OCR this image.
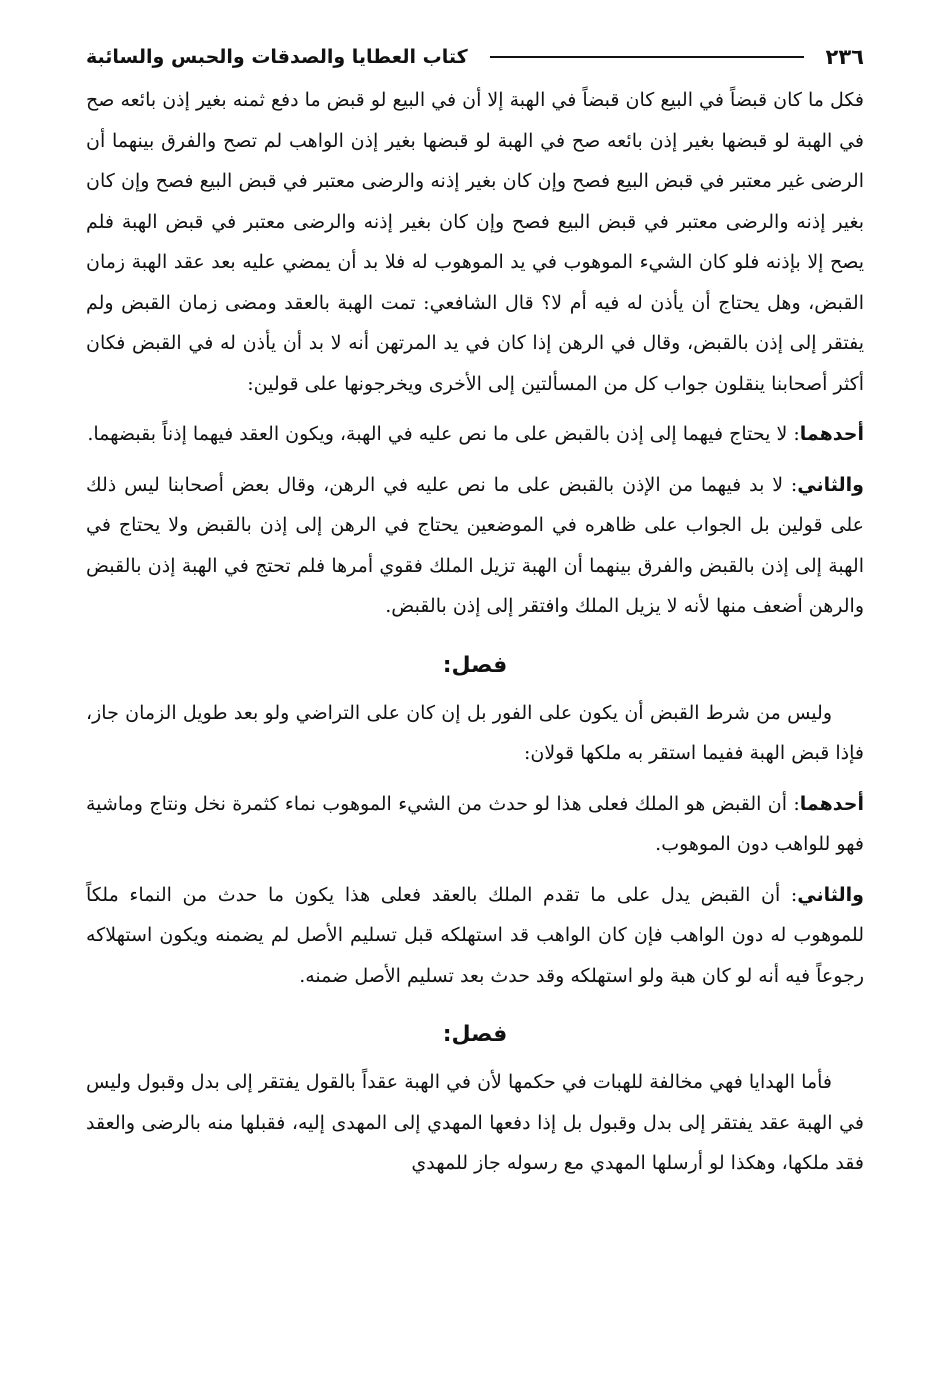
٢٣٦
كتاب العطايا والصدقات والحبس والسائبة

فكل ما كان قبضاً في البيع كان قبضاً في الهبة إلا أن في البيع لو قبض ما دفع ثمنه بغير إذن بائعه صح في الهبة لو قبضها بغير إذن بائعه صح في الهبة لو قبضها بغير إذن الواهب لم تصح والفرق بينهما أن الرضى غير معتبر في قبض البيع فصح وإن كان بغير إذنه والرضى معتبر في قبض البيع فصح وإن كان بغير إذنه والرضى معتبر في قبض البيع فصح وإن كان بغير إذنه والرضى معتبر في قبض الهبة فلم يصح إلا بإذنه فلو كان الشيء الموهوب في يد الموهوب له فلا بد أن يمضي عليه بعد عقد الهبة زمان القبض، وهل يحتاج أن يأذن له فيه أم لا؟ قال الشافعي: تمت الهبة بالعقد ومضى زمان القبض ولم يفتقر إلى إذن بالقبض، وقال في الرهن إذا كان في يد المرتهن أنه لا بد أن يأذن له في القبض فكان أكثر أصحابنا ينقلون جواب كل من المسألتين إلى الأخرى ويخرجونها على قولين:

أحدهما: لا يحتاج فيهما إلى إذن بالقبض على ما نص عليه في الهبة، ويكون العقد فيهما إذناً بقبضهما.

والثاني: لا بد فيهما من الإذن بالقبض على ما نص عليه في الرهن، وقال بعض أصحابنا ليس ذلك على قولين بل الجواب على ظاهره في الموضعين يحتاج في الرهن إلى إذن بالقبض ولا يحتاج في الهبة إلى إذن بالقبض والفرق بينهما أن الهبة تزيل الملك فقوي أمرها فلم تحتج في الهبة إذن بالقبض والرهن أضعف منها لأنه لا يزيل الملك وافتقر إلى إذن بالقبض.

فصل:

وليس من شرط القبض أن يكون على الفور بل إن كان على التراضي ولو بعد طويل الزمان جاز، فإذا قبض الهبة ففيما استقر به ملكها قولان:

أحدهما: أن القبض هو الملك فعلى هذا لو حدث من الشيء الموهوب نماء كثمرة نخل ونتاج وماشية فهو للواهب دون الموهوب.

والثاني: أن القبض يدل على ما تقدم الملك بالعقد فعلى هذا يكون ما حدث من النماء ملكاً للموهوب له دون الواهب فإن كان الواهب قد استهلكه قبل تسليم الأصل لم يضمنه ويكون استهلاكه رجوعاً فيه أنه لو كان هبة ولو استهلكه وقد حدث بعد تسليم الأصل ضمنه.

فصل:

فأما الهدايا فهي مخالفة للهبات في حكمها لأن في الهبة عقداً بالقول يفتقر إلى بدل وقبول وليس في الهبة عقد يفتقر إلى بدل وقبول بل إذا دفعها المهدي إلى المهدى إليه، فقبلها منه بالرضى والعقد فقد ملكها، وهكذا لو أرسلها المهدي مع رسوله جاز للمهدي
